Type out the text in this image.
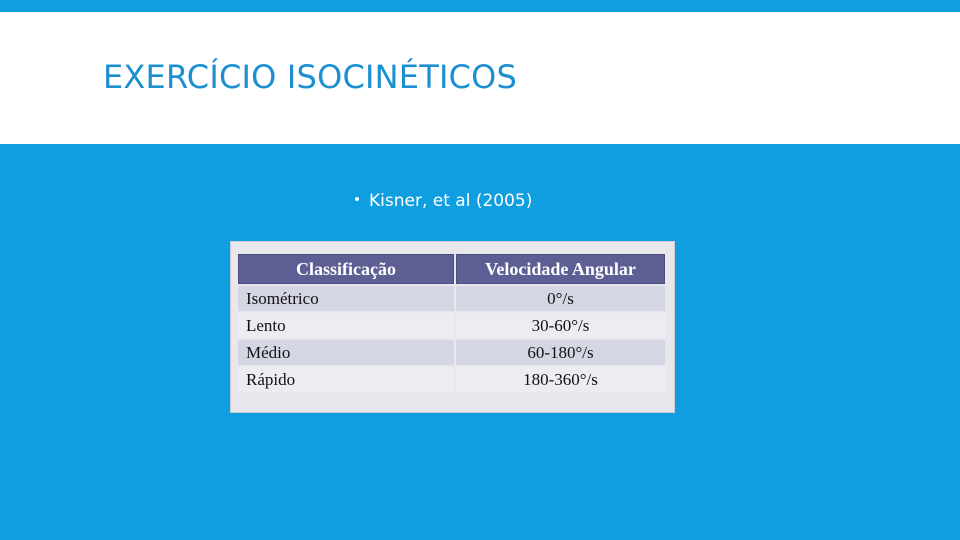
EXERCÍCIO ISOCINÉTICOS
Kisner, et al (2005)
Classificação	Velocidade Angular
Isométrico	0°/s
Lento	30-60°/s
Médio	60-180°/s
Rápido	180-360°/s
